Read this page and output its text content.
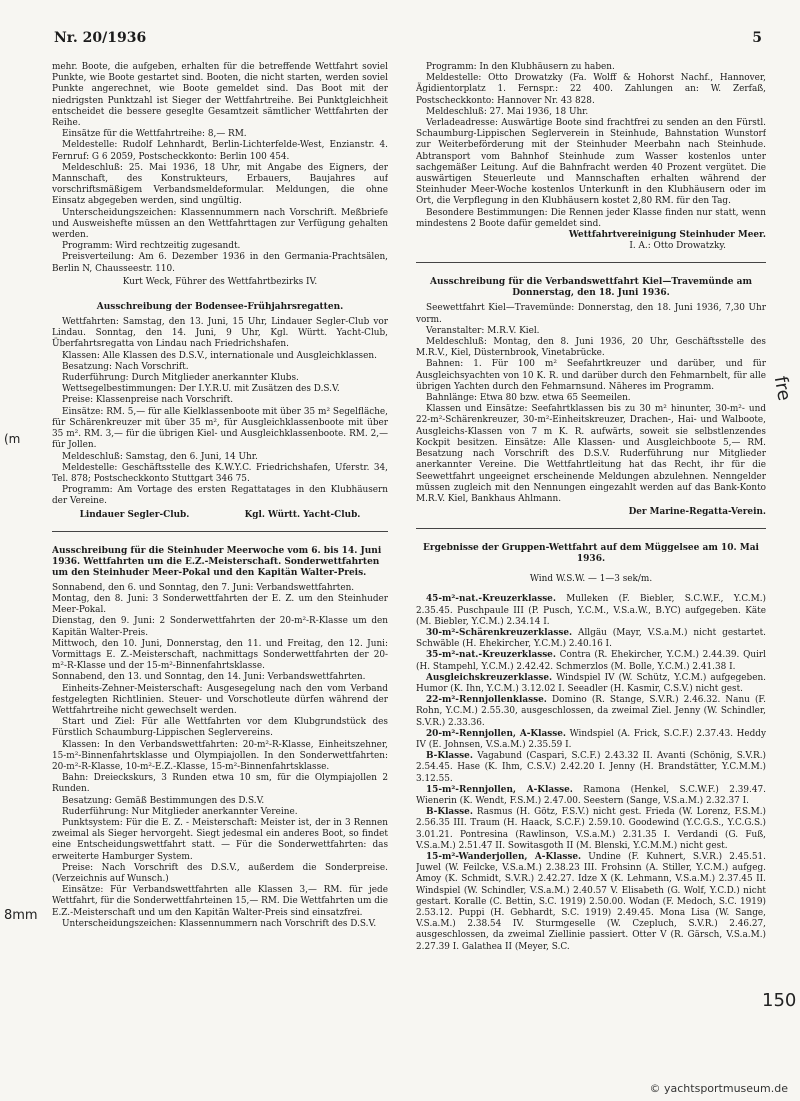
Nr. 20/1936	5

mehr. Boote, die aufgeben, erhalten für die betreffende Wettfahrt soviel Punkte, wie Boote gestartet sind. Booten, die nicht starten, werden soviel Punkte angerechnet, wie Boote gemeldet sind. Das Boot mit der niedrigsten Punktzahl ist Sieger der Wettfahrtreihe. Bei Punktgleichheit entscheidet die bessere geseglte Gesamtzeit sämtlicher Wettfahrten der Reihe.

Einsätze für die Wettfahrtreihe: 8,— RM.

Meldestelle: Rudolf Lehnhardt, Berlin-Lichterfelde-West, Enzianstr. 4. Fernruf: G 6 2059, Postscheckkonto: Berlin 100 454.

Meldeschluß: 25. Mai 1936, 18 Uhr, mit Angabe des Eigners, der Mannschaft, des Konstrukteurs, Erbauers, Baujahres auf vorschriftsmäßigem Verbandsmeldeformular. Meldungen, die ohne Einsatz abgegeben werden, sind ungültig.

Unterscheidungszeichen: Klassennummern nach Vorschrift. Meßbriefe und Ausweisheftе müssen an den Wettfahrttagen zur Verfügung gehalten werden.

Programm: Wird rechtzeitig zugesandt.

Preisverteilung: Am 6. Dezember 1936 in den Germania-Prachtsälen, Berlin N, Chausseestr. 110.

Kurt Weck, Führer des Wettfahrtbezirks IV.

Ausschreibung der Bodensee-Frühjahrsregatten.

Wettfahrten: Samstag, den 13. Juni, 15 Uhr, Lindauer Segler-Club vor Lindau. Sonntag, den 14. Juni, 9 Uhr, Kgl. Württ. Yacht-Club, Überfahrtsregatta von Lindau nach Friedrichshafen.

Klassen: Alle Klassen des D.S.V., internationale und Ausgleichklassen.

Besatzung: Nach Vorschrift.

Ruderführung: Durch Mitglieder anerkannter Klubs.

Wettsegelbestimmungen: Der I.Y.R.U. mit Zusätzen des D.S.V.

Preise: Klassenpreise nach Vorschrift.

Einsätze: RM. 5,— für alle Kielklassenboote mit über 35 m² Segelfläche, für Schärenkreuzer mit über 35 m², für Ausgleichklassenboote mit über 35 m². RM. 3,— für die übrigen Kiel- und Ausgleichklassenboote. RM. 2,— für Jollen.

Meldeschluß: Samstag, den 6. Juni, 14 Uhr.

Meldestelle: Geschäftsstelle des K.W.Y.C. Friedrichshafen, Uferstr. 34, Tel. 878; Postscheckkonto Stuttgart 346 75.

Programm: Am Vortage des ersten Regattatages in den Klubhäusern der Vereine.

Lindauer Segler-Club.	Kgl. Württ. Yacht-Club.
Ausschreibung für die Steinhuder Meerwoche vom 6. bis 14. Juni 1936. Wettfahrten um die E.Z.-Meisterschaft. Sonderwettfahrten um den Steinhuder Meer-Pokal und den Kapitän Walter-Preis.

Sonnabend, den 6. und Sonntag, den 7. Juni: Verbandswettfahrten.

Montag, den 8. Juni: 3 Sonderwettfahrten der E. Z. um den Steinhuder Meer-Pokal.

Dienstag, den 9. Juni: 2 Sonderwettfahrten der 20-m²-R-Klasse um den Kapitän Walter-Preis.

Mittwoch, den 10. Juni, Donnerstag, den 11. und Freitag, den 12. Juni: Vormittags E. Z.-Meisterschaft, nachmittags Sonderwettfahrten der 20-m²-R-Klasse und der 15-m²-Binnenfahrtsklasse.

Sonnabend, den 13. und Sonntag, den 14. Juni: Verbandswettfahrten.

Einheits-Zehner-Meisterschaft: Ausgesegelung nach den vom Verband festgelegten Richtlinien. Steuer- und Vorschotleute dürfen während der Wettfahrtreihe nicht gewechselt werden.

Start und Ziel: Für alle Wettfahrten vor dem Klubgrundstück des Fürstlich Schaumburg-Lippischen Seglervereins.

Klassen: In den Verbandswettfahrten: 20-m²-R-Klasse, Einheitszehner, 15-m²-Binnenfahrtsklasse und Olympiajollen. In den Sonderwettfahrten: 20-m²-R-Klasse, 10-m²-E.Z.-Klasse, 15-m²-Binnenfahrtsklasse.

Bahn: Dreieckskurs, 3 Runden etwa 10 sm, für die Olympiajollen 2 Runden.

Besatzung: Gemäß Bestimmungen des D.S.V.

Ruderführung: Nur Mitglieder anerkannter Vereine.

Punktsystem: Für die E. Z. - Meisterschaft: Meister ist, der in 3 Rennen zweimal als Sieger hervorgeht. Siegt jedesmal ein anderes Boot, so findet eine Entscheidungswettfahrt statt. — Für die Sonderwettfahrten: das erweiterte Hamburger System.

Preise: Nach Vorschrift des D.S.V., außerdem die Sonderpreise. (Verzeichnis auf Wunsch.)

Einsätze: Für Verbandswettfahrten alle Klassen 3,— RM. für jede Wettfahrt, für die Sonderwettfahrteinen 15,— RM. Die Wettfahrten um die E.Z.-Meisterschaft und um den Kapitän Walter-Preis sind einsatzfrei.

Unterscheidungszeichen: Klassennummern nach Vorschrift des D.S.V.

Programm: In den Klubhäusern zu haben.

Meldestelle: Otto Drowatzky (Fa. Wolff & Hohorst Nachf., Hannover, Ägidientorplatz 1. Fernspr.: 22 400. Zahlungen an: W. Zerfaß, Postscheckkonto: Hannover Nr. 43 828.

Meldeschluß: 27. Mai 1936, 18 Uhr.

Verladeadresse: Auswärtige Boote sind frachtfrei zu senden an den Fürstl. Schaumburg-Lippischen Seglerverein in Steinhude, Bahnstation Wunstorf zur Weiterbeförderung mit der Steinhuder Meerbahn nach Steinhude. Abtransport vom Bahnhof Steinhude zum Wasser kostenlos unter sachgemäßer Leitung. Auf die Bahnfracht werden 40 Prozent vergütet. Die auswärtigen Steuerleute und Mannschaften erhalten während der Steinhuder Meer-Woche kostenlos Unterkunft in den Klubhäusern oder im Ort, die Verpflegung in den Klubhäusern kostet 2,80 RM. für den Tag.

Besondere Bestimmungen: Die Rennen jeder Klasse finden nur statt, wenn mindestens 2 Boote dafür gemeldet sind.

Wettfahrtvereinigung Steinhuder Meer.

I. A.: Otto Drowatzky.

Ausschreibung für die Verbandswettfahrt Kiel—Travemünde am Donnerstag, den 18. Juni 1936.

Seewettfahrt Kiel—Travemünde: Donnerstag, den 18. Juni 1936, 7,30 Uhr vorm.

Veranstalter: M.R.V. Kiel.

Meldeschluß: Montag, den 8. Juni 1936, 20 Uhr, Geschäftsstelle des M.R.V., Kiel, Düsternbrook, Vinetabrücke.

Bahnen: 1. Für 100 m² Seefahrtkreuzer und darüber, und für Ausgleichsyachten von 10 K. R. und darüber durch den Fehmarnbelt, für alle übrigen Yachten durch den Fehmarnsund. Näheres im Programm.

Bahnlänge: Etwa 80 bzw. etwa 65 Seemeilen.

Klassen und Einsätze: Seefahrtklassen bis zu 30 m² hinunter, 30-m²- und 22-m²-Schärenkreuzer, 30-m²-Einheitskreuzer, Drachen-, Hai- und Walboote, Ausgleichs-Klassen von 7 m K. R. aufwärts, soweit sie selbstlenzendes Kockpit besitzen. Einsätze: Alle Klassen- und Ausgleichboote 5,— RM. Besatzung nach Vorschrift des D.S.V. Ruderführung nur Mitglieder anerkannter Vereine. Die Wettfahrtleitung hat das Recht, ihr für die Seewettfahrt ungeeignet erscheinende Meldungen abzulehnen. Nenngelder müssen zugleich mit den Nennungen eingezahlt werden auf das Bank-Konto M.R.V. Kiel, Bankhaus Ahlmann.

Der Marine-Regatta-Verein.

Ergebnisse der Gruppen-Wettfahrt auf dem Müggelsee am 10. Mai 1936.

Wind W.S.W. — 1—3 sek/m.

45-m²-nat.-Kreuzerklasse. Mulleken (F. Biebler, S.C.W.F., Y.C.M.) 2.35.45. Puschpaule III (P. Pusch, Y.C.M., V.S.a.W., B.YC) aufgegeben. Käte (M. Biebler, Y.C.M.) 2.34.14 I.

30-m²-Schärenkreuzerklasse. Allgäu (Mayr, V.S.a.M.) nicht gestartet. Schwäble (H. Ehekircher, Y.C.M.) 2.40.16 I.

35-m²-nat.-Kreuzerklasse. Contra (R. Ehekircher, Y.C.M.) 2.44.39. Quirl (H. Stampehl, Y.C.M.) 2.42.42. Schmerzlos (M. Bolle, Y.C.M.) 2.41.38 I.

Ausgleichskreuzerklasse. Windspiel IV (W. Schütz, Y.C.M.) aufgegeben. Humor (K. Ihn, Y.C.M.) 3.12.02 I. Seeadler (H. Kasmir, C.S.V.) nicht gest.

22-m²-Rennjollenklasse. Domino (R. Stange, S.V.R.) 2.46.32. Nanu (F. Rohn, Y.C.M.) 2.55.30, ausgeschlossen, da zweimal Ziel. Jenny (W. Schindler, S.V.R.) 2.33.36.

20-m²-Rennjollen, A-Klasse. Windspiel (A. Frick, S.C.F.) 2.37.43. Heddy IV (E. Johnsen, V.S.a.M.) 2.35.59 I.

B-Klasse. Vagabund (Caspari, S.C.F.) 2.43.32 II. Avanti (Schönig, S.V.R.) 2.54.45. Hase (K. Ihm, C.S.V.) 2.42.20 I. Jenny (H. Brandstätter, Y.C.M.M.) 3.12.55.

15-m²-Rennjollen, A-Klasse. Ramona (Henkel, S.C.W.F.) 2.39.47. Wienerin (K. Wendt, F.S.M.) 2.47.00. Seestern (Sange, V.S.a.M.) 2.32.37 I.

B-Klasse. Rasmus (H. Götz, F.S.V.) nicht gest. Frieda (W. Lorenz, F.S.M.) 2.56.35 III. Traum (H. Haack, S.C.F.) 2.59.10. Goodewind (Y.C.G.S., Y.C.G.S.) 3.01.21. Pontresina (Rawlinson, V.S.a.M.) 2.31.35 I. Verdandi (G. Fuß, V.S.a.M.) 2.51.47 II. Sowitasgoth II (M. Blenski, Y.C.M.M.) nicht gest.

15-m²-Wanderjollen, A-Klasse. Undine (F. Kuhnert, S.V.R.) 2.45.51. Juwel (W. Feilcke, V.S.a.M.) 2.38.23 III. Frohsinn (A. Stiller, Y.C.M.) aufgeg. Amoy (K. Schmidt, S.V.R.) 2.42.27. Idze X (K. Lehmann, V.S.a.M.) 2.37.45 II. Windspiel (W. Schindler, V.S.a.M.) 2.40.57 V. Elisabeth (G. Wolf, Y.C.D.) nicht gestart. Koralle (C. Bettin, S.C. 1919) 2.50.00. Wodan (F. Medoch, S.C. 1919) 2.53.12. Puppi (H. Gebhardt, S.C. 1919) 2.49.45. Mona Lisa (W. Sange, V.S.a.M.) 2.38.54 IV. Sturmgeselle (W. Czepluch, S.V.R.) 2.46.27, ausgeschlossen, da zweimal Ziellinie passiert. Otter V (R. Gärsch, V.S.a.M.) 2.27.39 I. Galathea II (Meyer, S.C.

(m
fre
8mm
150
© yachtsportmuseum.de
